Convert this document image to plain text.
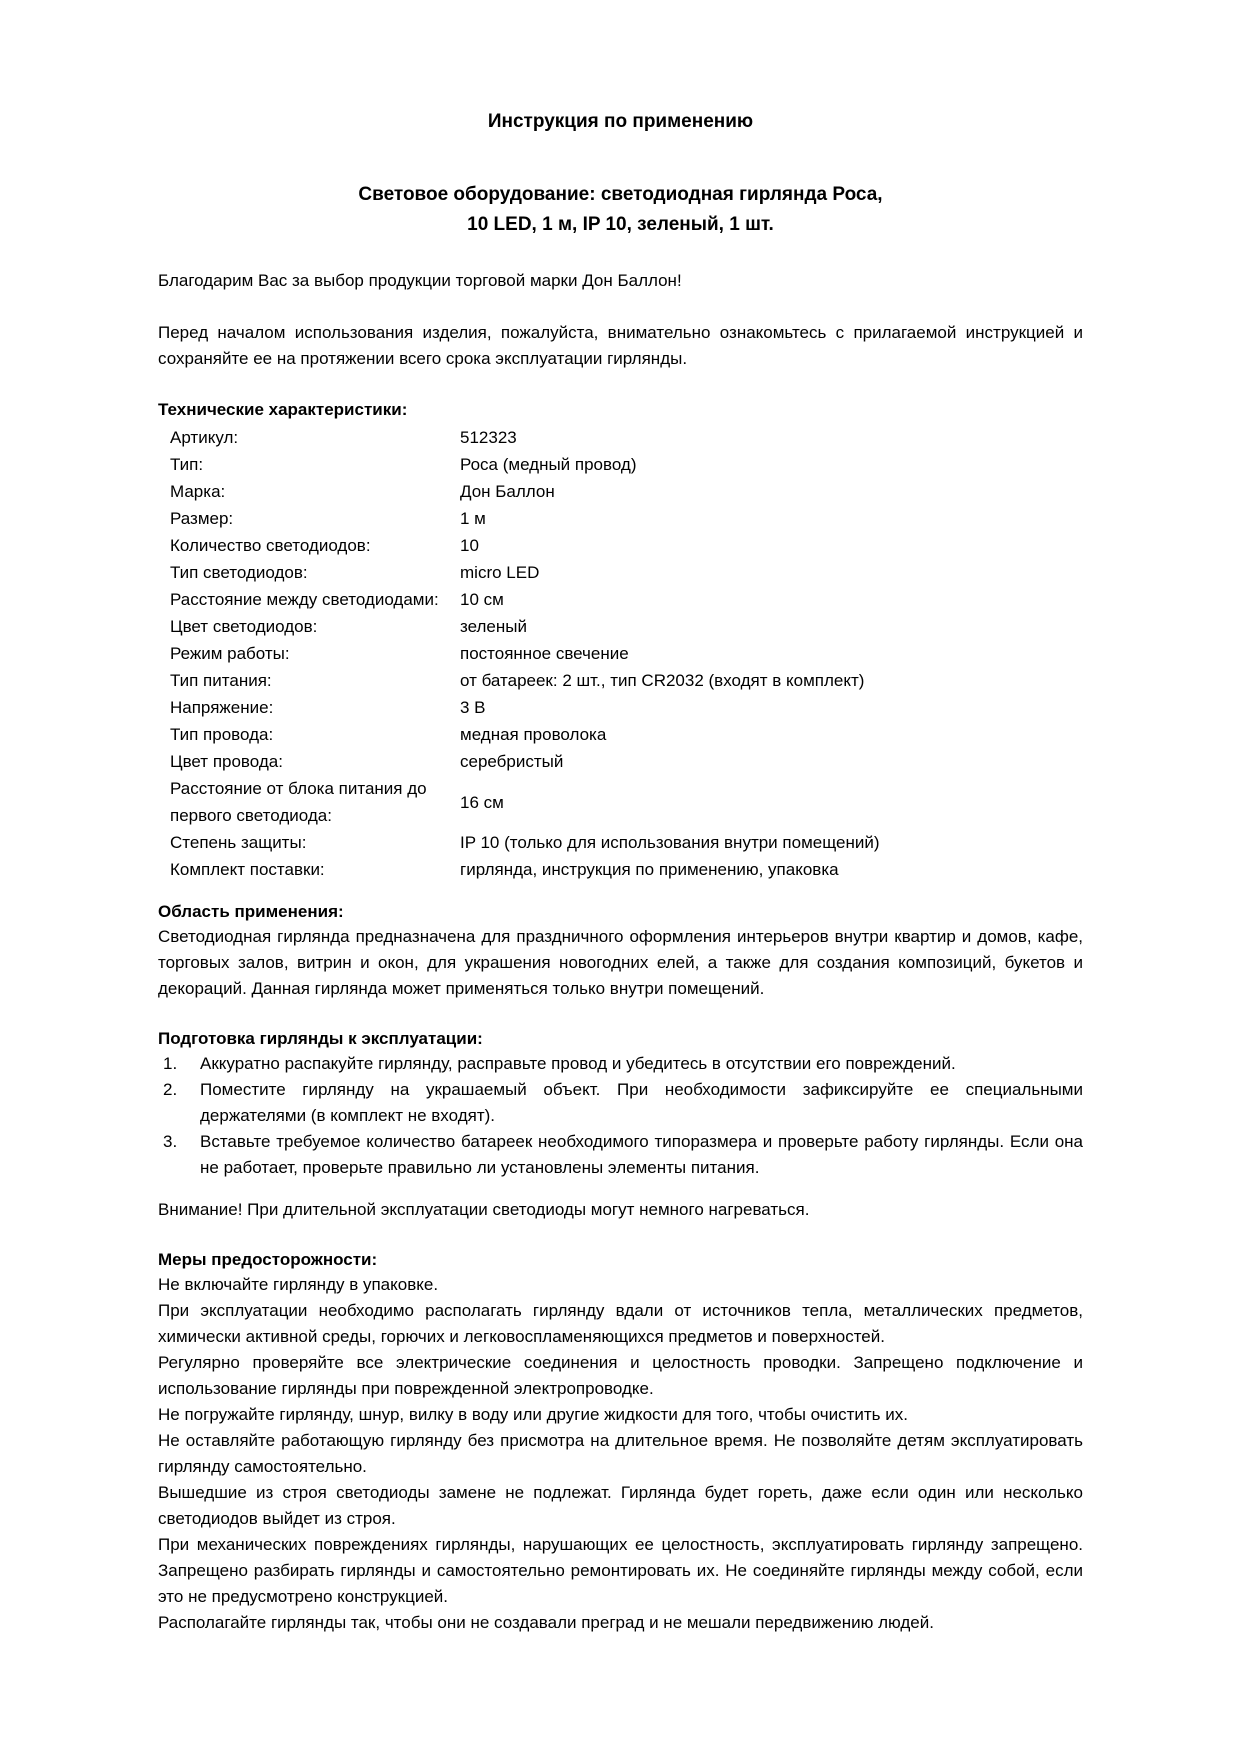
Инструкция по применению
Световое оборудование: светодиодная гирлянда Роса,
10 LED, 1 м, IP 10, зеленый, 1 шт.

Благодарим Вас за выбор продукции торговой марки Дон Баллон!

Перед началом использования изделия, пожалуйста, внимательно ознакомьтесь с прилагаемой инструкцией и сохраняйте ее на протяжении всего срока эксплуатации гирлянды.

Технические характеристики:
Артикул:	512323
Тип:	Роса (медный провод)
Марка:	Дон Баллон
Размер:	1 м
Количество светодиодов:	10
Тип светодиодов:	micro LED
Расстояние между светодиодами:	10 см
Цвет светодиодов:	зеленый
Режим работы:	постоянное свечение
Тип питания:	от батареек: 2 шт., тип CR2032 (входят в комплект)
Напряжение:	3 В
Тип провода:	медная проволока
Цвет провода:	серебристый
Расстояние от блока питания до первого светодиода:	16 см
Степень защиты:	IP 10 (только для использования внутри помещений)
Комплект поставки:	гирлянда, инструкция по применению, упаковка
Область применения:

Светодиодная гирлянда предназначена для праздничного оформления интерьеров внутри квартир и домов, кафе, торговых залов, витрин и окон, для украшения новогодних елей, а также для создания композиций, букетов и декораций. Данная гирлянда может применяться только внутри помещений.

Подготовка гирлянды к эксплуатации:
1.	Аккуратно распакуйте гирлянду, расправьте провод и убедитесь в отсутствии его повреждений.
2.	Поместите гирлянду на украшаемый объект. При необходимости зафиксируйте ее специальными держателями (в комплект не входят).
3.	Вставьте требуемое количество батареек необходимого типоразмера и проверьте работу гирлянды. Если она не работает, проверьте правильно ли установлены элементы питания.

Внимание! При длительной эксплуатации светодиоды могут немного нагреваться.

Меры предосторожности:

Не включайте гирлянду в упаковке.

При эксплуатации необходимо располагать гирлянду вдали от источников тепла, металлических предметов, химически активной среды, горючих и легковоспламеняющихся предметов и поверхностей.

Регулярно проверяйте все электрические соединения и целостность проводки. Запрещено подключение и использование гирлянды при поврежденной электропроводке.

Не погружайте гирлянду, шнур, вилку в воду или другие жидкости для того, чтобы очистить их.

Не оставляйте работающую гирлянду без присмотра на длительное время. Не позволяйте детям эксплуатировать гирлянду самостоятельно.

Вышедшие из строя светодиоды замене не подлежат. Гирлянда будет гореть, даже если один или несколько светодиодов выйдет из строя.

При механических повреждениях гирлянды, нарушающих ее целостность, эксплуатировать гирлянду запрещено. Запрещено разбирать гирлянды и самостоятельно ремонтировать их. Не соединяйте гирлянды между собой, если это не предусмотрено конструкцией.

Располагайте гирлянды так, чтобы они не создавали преград и не мешали передвижению людей.
